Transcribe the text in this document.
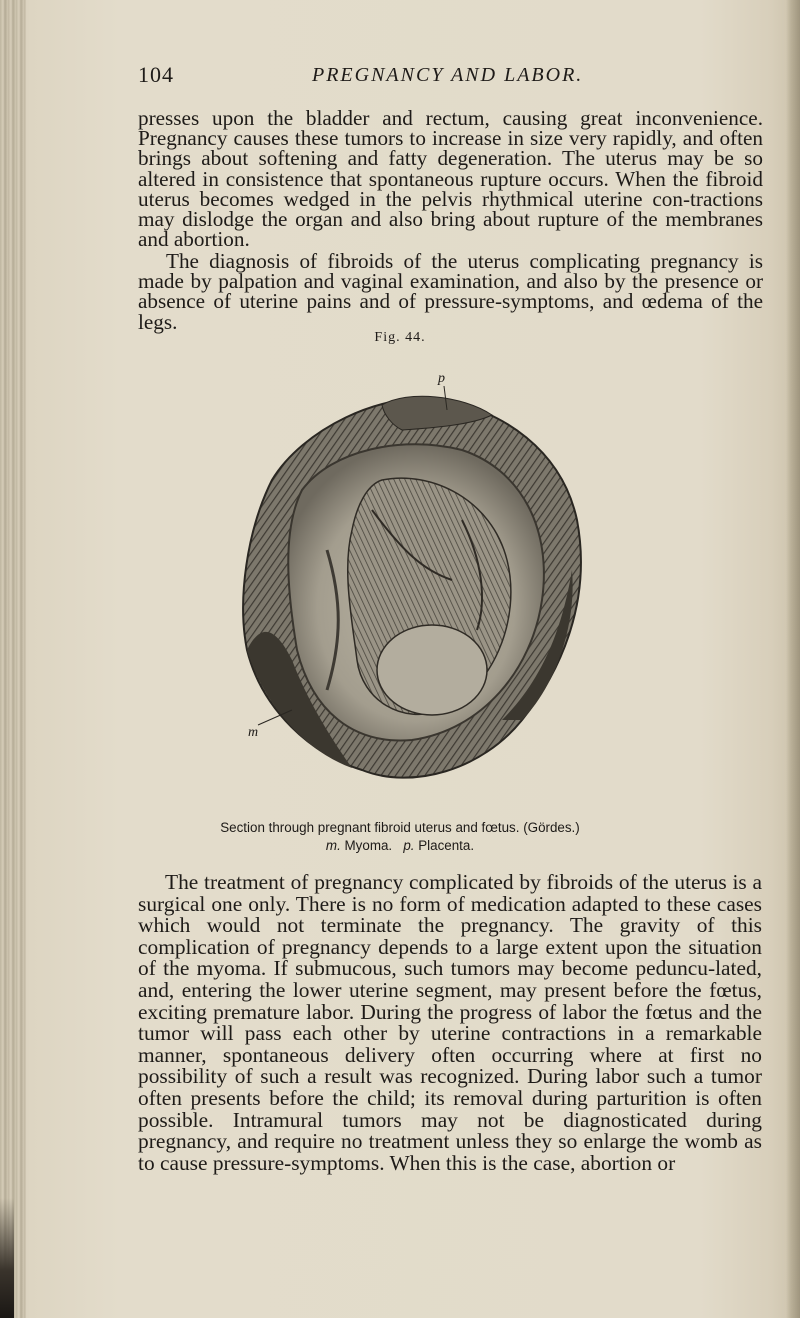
104	PREGNANCY AND LABOR.

presses upon the bladder and rectum, causing great inconvenience. Pregnancy causes these tumors to increase in size very rapidly, and often brings about softening and fatty degeneration. The uterus may be so altered in consistence that spontaneous rupture occurs. When the fibroid uterus becomes wedged in the pelvis rhythmical uterine con-tractions may dislodge the organ and also bring about rupture of the membranes and abortion.

The diagnosis of fibroids of the uterus complicating pregnancy is made by palpation and vaginal examination, and also by the presence or absence of uterine pains and of pressure-symptoms, and œdema of the legs.

Fig. 44.
p
m
Section through pregnant fibroid uterus and fœtus. (Gördes.)
m. Myoma. p. Placenta.

The treatment of pregnancy complicated by fibroids of the uterus is a surgical one only. There is no form of medication adapted to these cases which would not terminate the pregnancy. The gravity of this complication of pregnancy depends to a large extent upon the situation of the myoma. If submucous, such tumors may become peduncu-lated, and, entering the lower uterine segment, may present before the fœtus, exciting premature labor. During the progress of labor the fœtus and the tumor will pass each other by uterine contractions in a remarkable manner, spontaneous delivery often occurring where at first no possibility of such a result was recognized. During labor such a tumor often presents before the child; its removal during parturition is often possible. Intramural tumors may not be diagnosticated during pregnancy, and require no treatment unless they so enlarge the womb as to cause pressure-symptoms. When this is the case, abortion or
